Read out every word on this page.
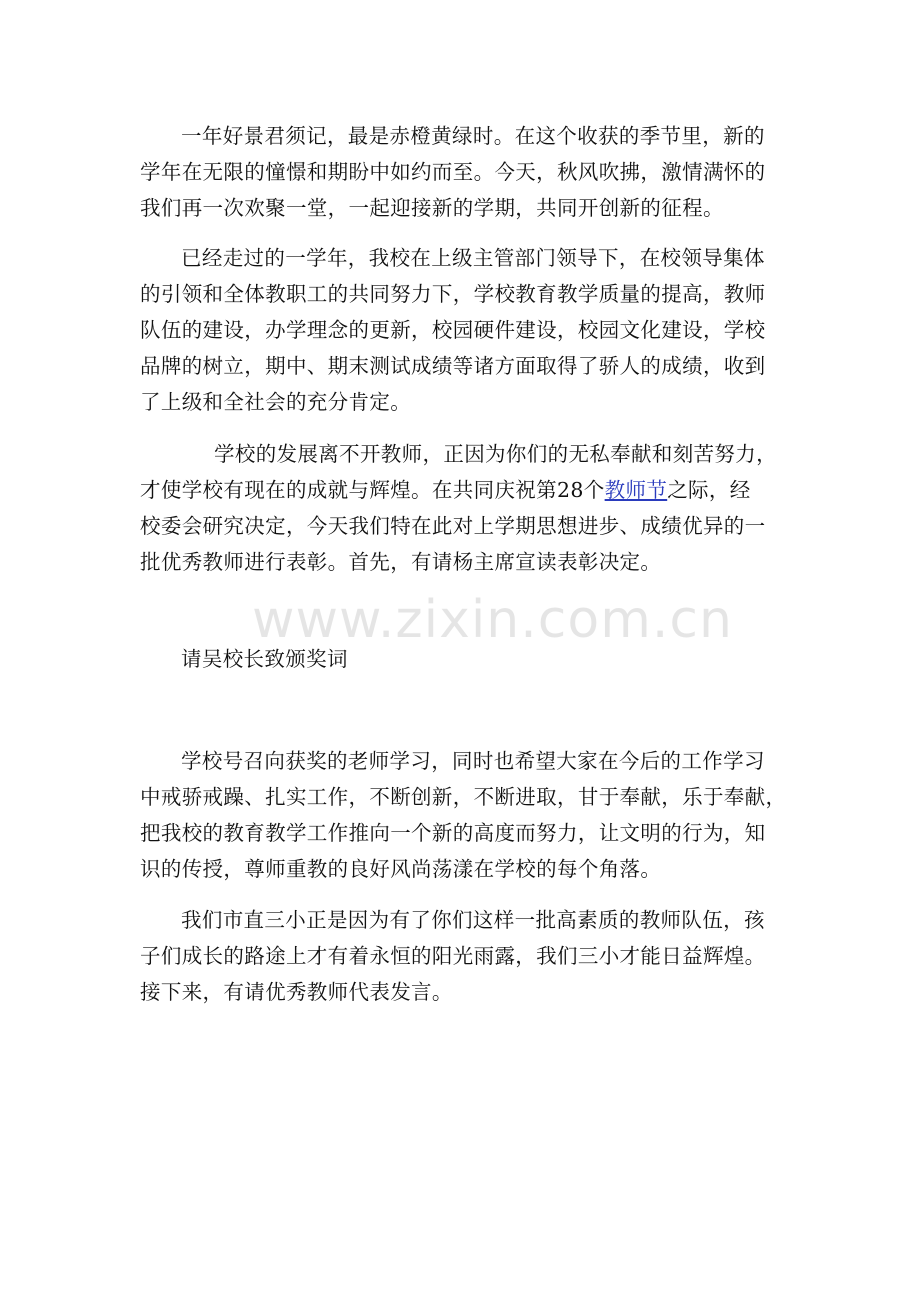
www.zixin.com.cn

一年好景君须记，最是赤橙黄绿时。在这个收获的季节里，新的
学年在无限的憧憬和期盼中如约而至。今天，秋风吹拂，激情满怀的
我们再一次欢聚一堂，一起迎接新的学期，共同开创新的征程。

已经走过的一学年，我校在上级主管部门领导下，在校领导集体
的引领和全体教职工的共同努力下，学校教育教学质量的提高，教师
队伍的建设，办学理念的更新，校园硬件建设，校园文化建设，学校
品牌的树立，期中、期末测试成绩等诸方面取得了骄人的成绩，收到
了上级和全社会的充分肯定。

学校的发展离不开教师，正因为你们的无私奉献和刻苦努力，
才使学校有现在的成就与辉煌。在共同庆祝第28个教师节之际，经
校委会研究决定，今天我们特在此对上学期思想进步、成绩优异的一
批优秀教师进行表彰。首先，有请杨主席宣读表彰决定。

请吴校长致颁奖词

学校号召向获奖的老师学习，同时也希望大家在今后的工作学习
中戒骄戒躁、扎实工作，不断创新，不断进取，甘于奉献，乐于奉献，
把我校的教育教学工作推向一个新的高度而努力，让文明的行为，知
识的传授，尊师重教的良好风尚荡漾在学校的每个角落。

我们市直三小正是因为有了你们这样一批高素质的教师队伍，孩
子们成长的路途上才有着永恒的阳光雨露，我们三小才能日益辉煌。
接下来，有请优秀教师代表发言。
